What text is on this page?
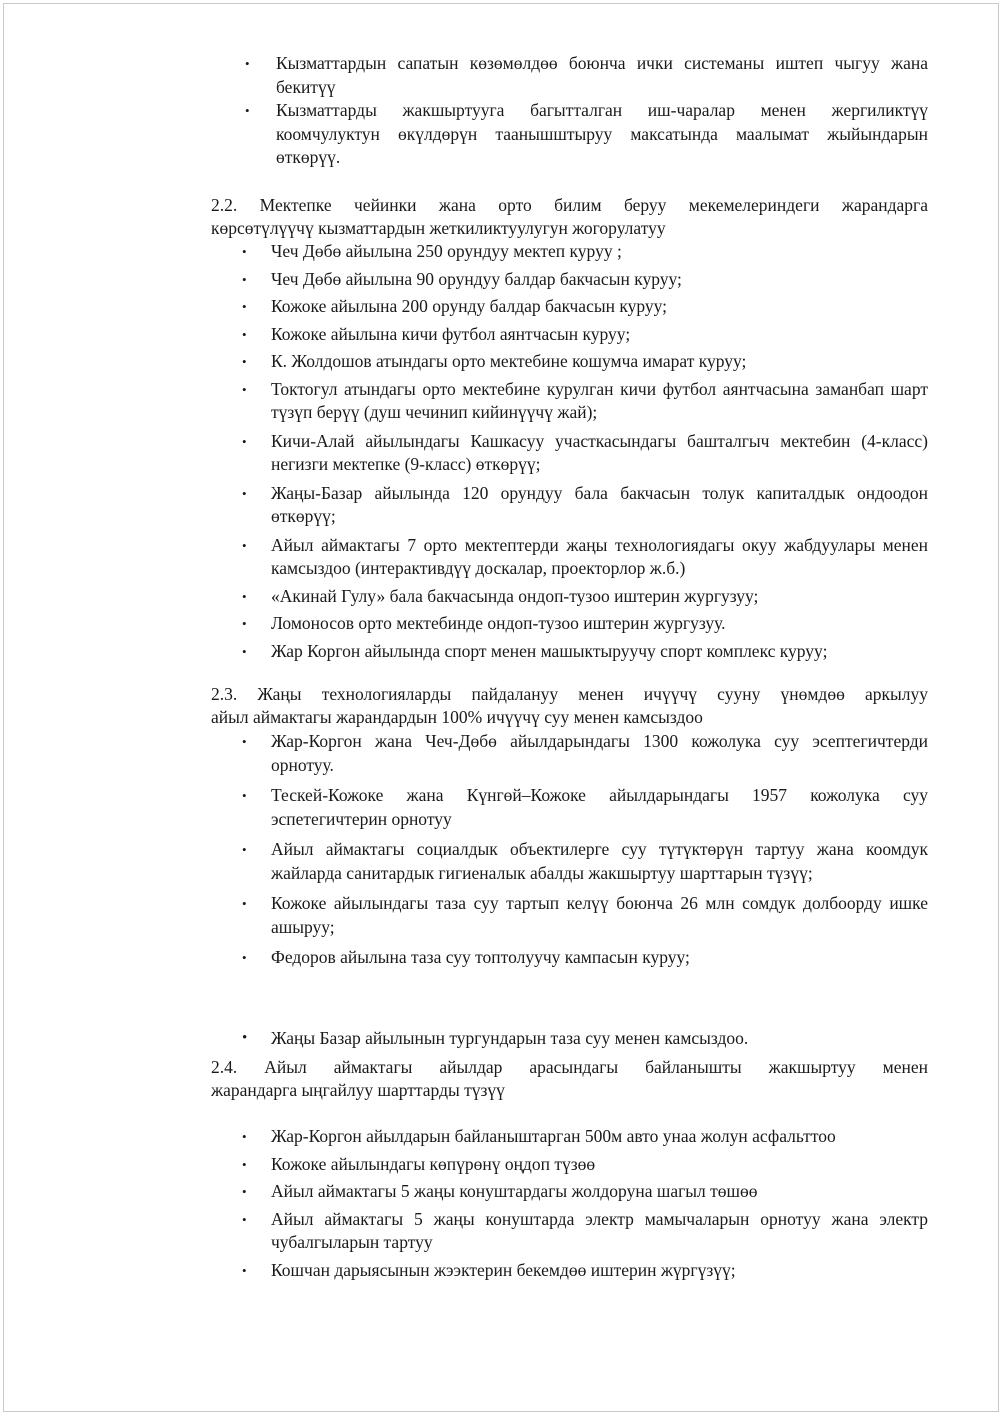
• Кызматтардын сапатын көзөмөлдөө боюнча ички системаны иштеп чыгуу жана бекитүү
• Кызматтарды жакшыртууга багытталган иш-чаралар менен жергиликтүү коомчулуктун өкүлдөрүн таанышштыруу максатында маалымат жыйындарын өткөрүү.
2.2. Мектепке чейинки жана орто билим беруу мекемелериндеги жарандарга
көрсөтүлүүчү кызматтардын жеткиликтуулугун жогорулатуу
• Чеч Дөбө айылына 250 орундуу мектеп куруу ;
• Чеч Дөбө айылына 90 орундуу балдар бакчасын куруу;
• Кожоке айылына 200 орунду балдар бакчасын куруу;
• Кожоке айылына кичи футбол аянтчасын куруу;
• К. Жолдошов атындагы орто мектебине кошумча имарат куруу;
• Токтогул атындагы орто мектебине курулган кичи футбол аянтчасына заманбап шарт түзүп берүү (душ чечинип кийинүүчү жай);
• Кичи-Алай айылындагы Кашкасуу участкасындагы башталгыч мектебин (4-класс) негизги мектепке (9-класс) өткөрүү;
• Жаңы-Базар айылында 120 орундуу бала бакчасын толук капиталдык ондоодон өткөрүү;
• Айыл аймактагы 7 орто мектептерди жаңы технологиядагы окуу жабдуулары менен камсыздоо (интерактивдүү доскалар, проекторлор ж.б.)
• «Акинай Гулу» бала бакчасында ондоп-тузоо иштерин жургузуу;
• Ломоносов орто мектебинде ондоп-тузоо иштерин жургузуу.
• Жар Коргон айылында спорт менен машыктыруучу спорт комплекс куруу;
2.3. Жаңы технологияларды пайдалануу менен ичүүчү сууну үнөмдөө аркылуу
айыл аймактагы жарандардын 100% ичүүчү суу менен камсыздоо
• Жар-Коргон жана Чеч-Дөбө айылдарындагы 1300 кожолука суу эсептегичтерди орнотуу.
• Тескей-Кожоке жана Күнгөй–Кожоке айылдарындагы 1957 кожолука суу эспетегичтерин орнотуу
• Айыл аймактагы социалдык объектилерге суу түтүктөрүн тартуу жана коомдук жайларда санитардык гигиеналык абалды жакшыртуу шарттарын түзүү;
• Кожоке айылындагы таза суу тартып келүү боюнча 26 млн сомдук долбоорду ишке ашыруу;
• Федоров айылына таза суу топтолуучу кампасын куруу;
• Жаңы Базар айылынын тургундарын таза суу менен камсыздоо.
2.4. Айыл аймактагы айылдар арасындагы байланышты жакшыртуу менен
жарандарга ыңгайлуу шарттарды түзүү
• Жар-Коргон айылдарын байланыштарган 500м авто унаа жолун асфальттоо
• Кожоке айылындагы көпүрөнү оңдоп түзөө
• Айыл аймактагы 5 жаңы конуштардагы жолдоруна шагыл төшөө
• Айыл аймактагы 5 жаңы конуштарда электр мамычаларын орнотуу жана электр чубалгыларын тартуу
• Кошчан дарыясынын жээктерин бекемдөө иштерин жүргүзүү;
